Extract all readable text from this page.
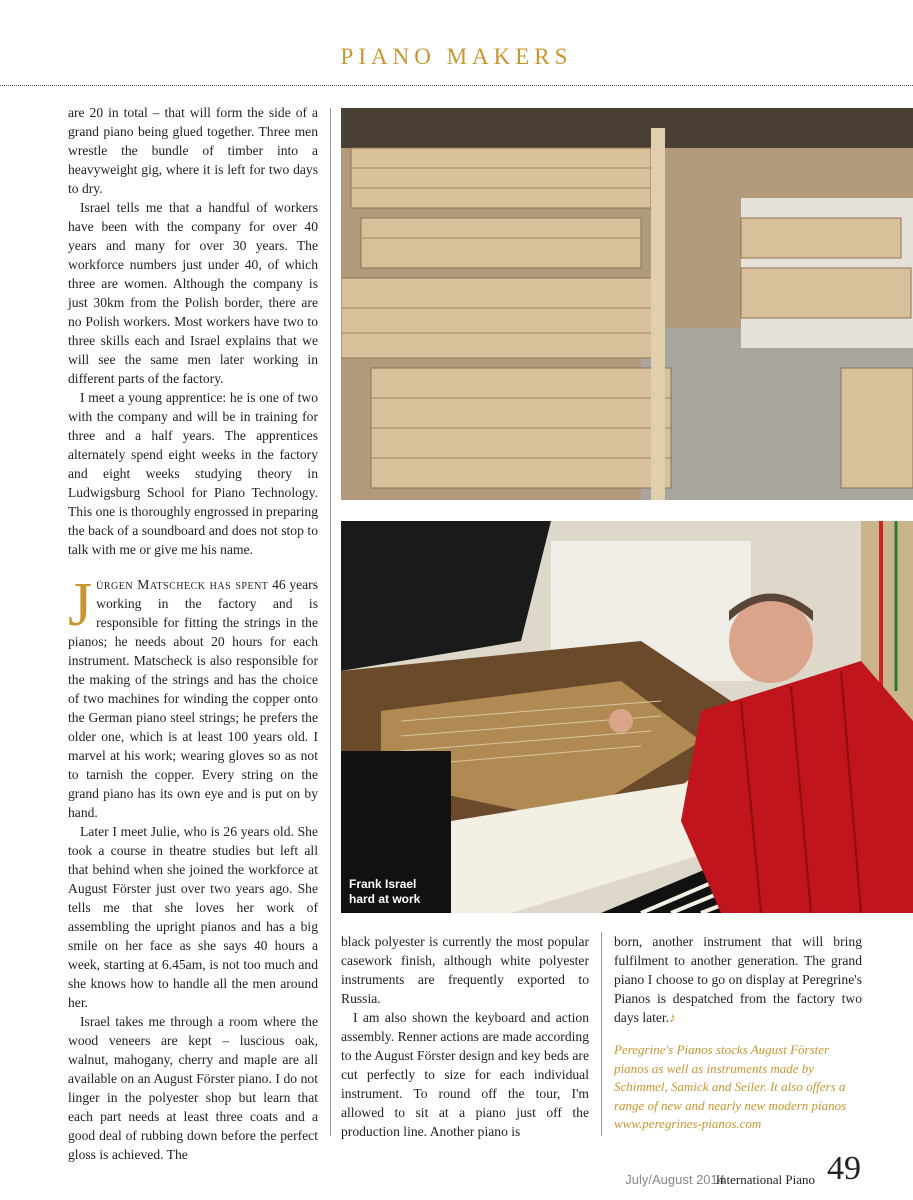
PIANO MAKERS

are 20 in total – that will form the side of a grand piano being glued together. Three men wrestle the bundle of timber into a heavyweight gig, where it is left for two days to dry.

Israel tells me that a handful of workers have been with the company for over 40 years and many for over 30 years. The workforce numbers just under 40, of which three are women. Although the company is just 30km from the Polish border, there are no Polish workers. Most workers have two to three skills each and Israel explains that we will see the same men later working in different parts of the factory.

I meet a young apprentice: he is one of two with the company and will be in training for three and a half years. The apprentices alternately spend eight weeks in the factory and eight weeks studying theory in Ludwigsburg School for Piano Technology. This one is thoroughly engrossed in preparing the back of a soundboard and does not stop to talk with me or give me his name.

Jürgen Matscheck has spent 46 years working in the factory and is responsible for fitting the strings in the pianos; he needs about 20 hours for each instrument. Matscheck is also responsible for the making of the strings and has the choice of two machines for winding the copper onto the German piano steel strings; he prefers the older one, which is at least 100 years old. I marvel at his work; wearing gloves so as not to tarnish the copper. Every string on the grand piano has its own eye and is put on by hand.

Later I meet Julie, who is 26 years old. She took a course in theatre studies but left all that behind when she joined the workforce at August Förster just over two years ago. She tells me that she loves her work of assembling the upright pianos and has a big smile on her face as she says 40 hours a week, starting at 6.45am, is not too much and she knows how to handle all the men around her.

Israel takes me through a room where the wood veneers are kept – luscious oak, walnut, mahogany, cherry and maple are all available on an August Förster piano. I do not linger in the polyester shop but learn that each part needs at least three coats and a good deal of rubbing down before the perfect gloss is achieved. The

Frank Israel
hard at work

black polyester is currently the most popular casework finish, although white polyester instruments are frequently exported to Russia.

I am also shown the keyboard and action assembly. Renner actions are made according to the August Förster design and key beds are cut perfectly to size for each individual instrument. To round off the tour, I'm allowed to sit at a piano just off the production line. Another piano is

born, another instrument that will bring fulfilment to another generation. The grand piano I choose to go on display at Peregrine's Pianos is despatched from the factory two days later.♪

Peregrine's Pianos stocks August Förster pianos as well as instruments made by Schimmel, Samick and Seiler. It also offers a range of new and nearly new modern pianos www.peregrines-pianos.com
July/August 2014
International Piano 49
